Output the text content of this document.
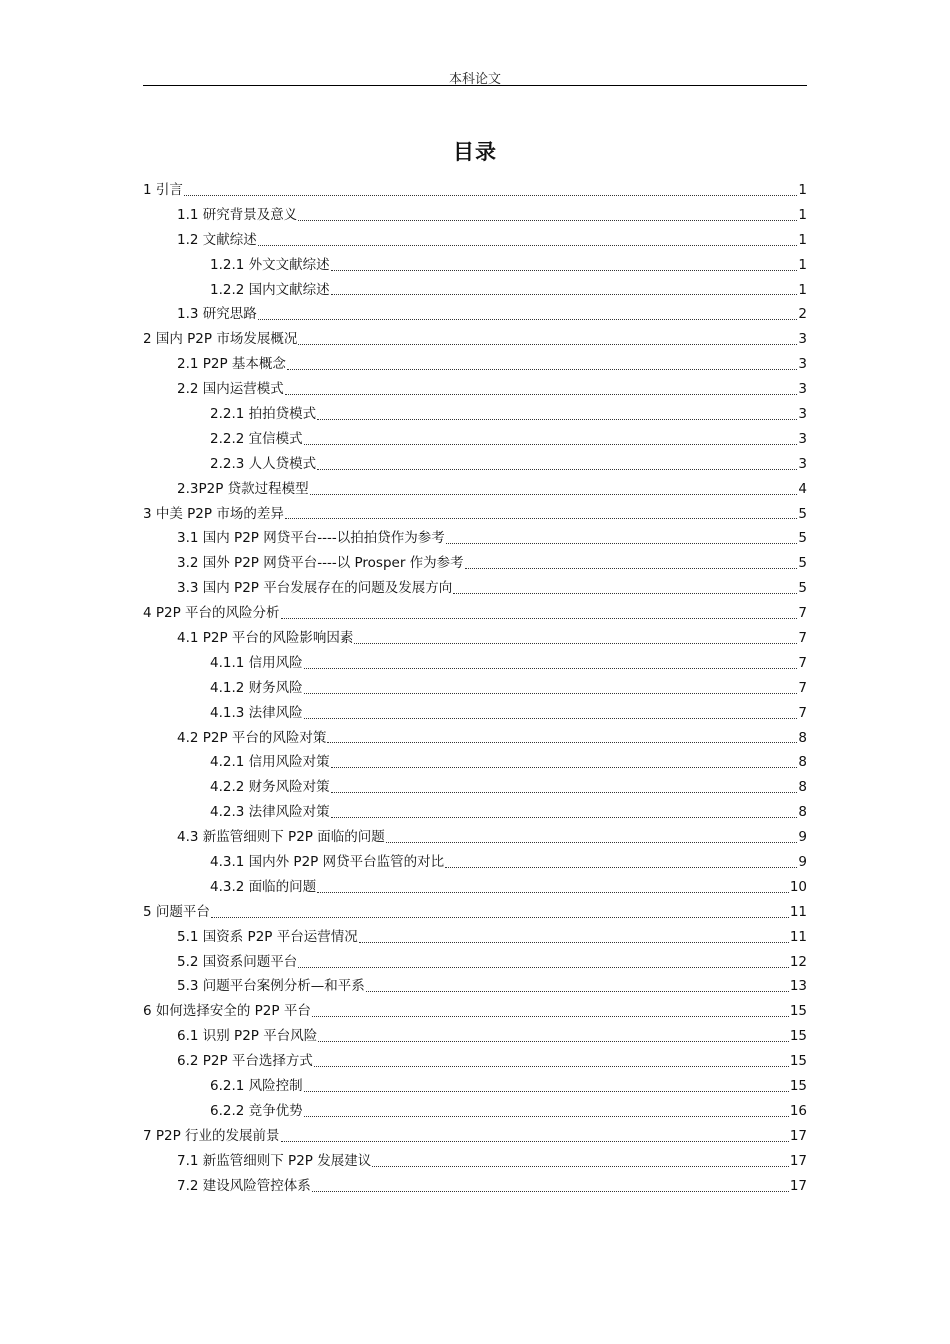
本科论文
目录
1 引言	1
1.1 研究背景及意义	1
1.2 文献综述	1
1.2.1 外文文献综述	1
1.2.2 国内文献综述	1
1.3 研究思路	2
2 国内 P2P 市场发展概况	3
2.1 P2P 基本概念	3
2.2 国内运营模式	3
2.2.1 拍拍贷模式	3
2.2.2 宜信模式	3
2.2.3 人人贷模式	3
2.3P2P 贷款过程模型	4
3 中美 P2P 市场的差异	5
3.1 国内 P2P 网贷平台----以拍拍贷作为参考	5
3.2 国外 P2P 网贷平台----以 Prosper 作为参考	5
3.3 国内 P2P 平台发展存在的问题及发展方向	5
4 P2P 平台的风险分析	7
4.1 P2P 平台的风险影响因素	7
4.1.1 信用风险	7
4.1.2 财务风险	7
4.1.3 法律风险	7
4.2 P2P 平台的风险对策	8
4.2.1 信用风险对策	8
4.2.2 财务风险对策	8
4.2.3 法律风险对策	8
4.3 新监管细则下 P2P 面临的问题	9
4.3.1 国内外 P2P 网贷平台监管的对比	9
4.3.2 面临的问题	10
5 问题平台	11
5.1 国资系 P2P 平台运营情况	11
5.2 国资系问题平台	12
5.3 问题平台案例分析—和平系	13
6 如何选择安全的 P2P 平台	15
6.1 识别 P2P 平台风险	15
6.2 P2P 平台选择方式	15
6.2.1 风险控制	15
6.2.2 竞争优势	16
7 P2P 行业的发展前景	17
7.1 新监管细则下 P2P 发展建议	17
7.2 建设风险管控体系	17
